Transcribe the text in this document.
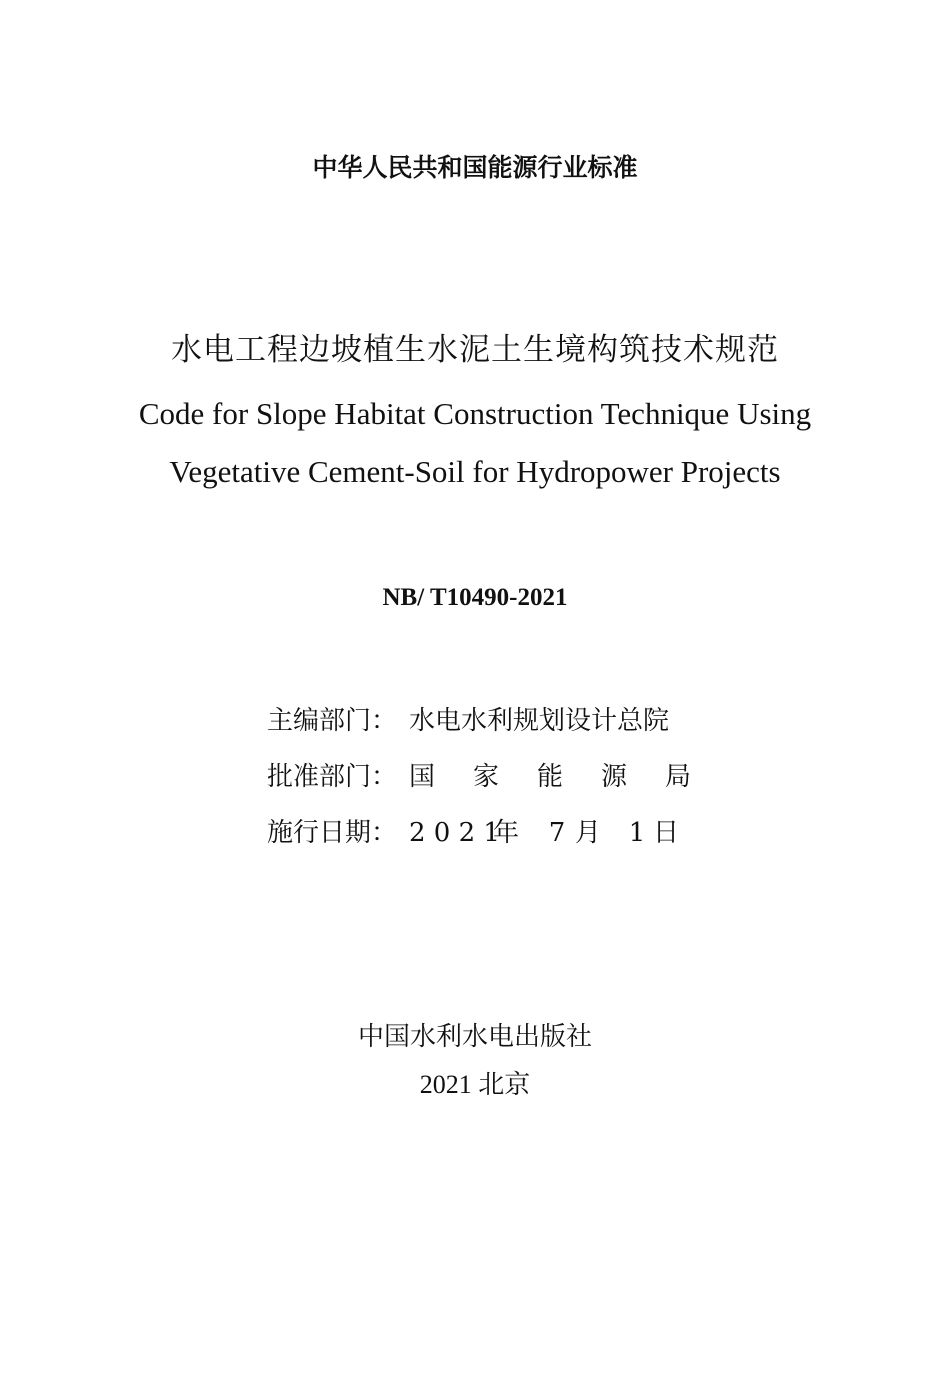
中华人民共和国能源行业标准
水电工程边坡植生水泥土生境构筑技术规范
Code for Slope Habitat Construction Technique Using
Vegetative Cement-Soil for Hydropower Projects
NB/ T10490-2021
主编部门： 水电水利规划设计总院
批准部门： 国 家 能 源 局
施行日期： 2 0 2 1年 7 月 1 日
中国水利水电出版社
2021 北京
